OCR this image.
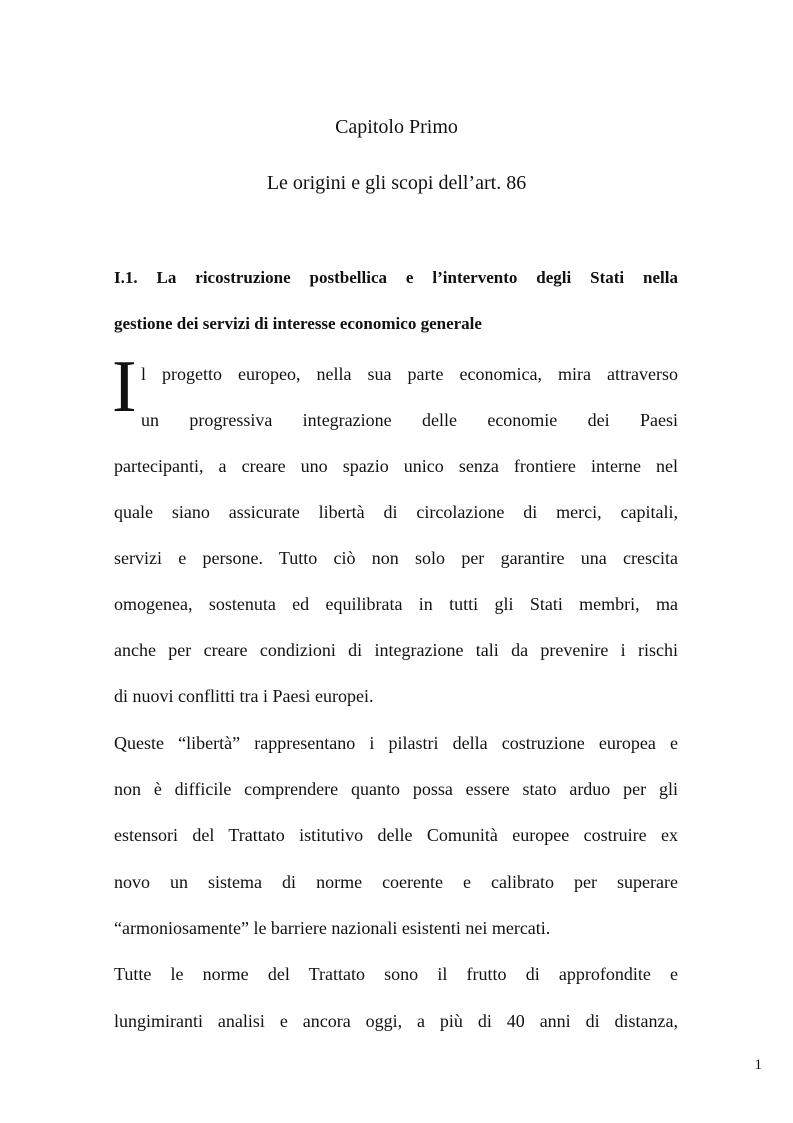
Capitolo Primo
Le origini e gli scopi dell’art. 86
I.1. La ricostruzione postbellica e l’intervento degli Stati nella
gestione dei servizi di interesse economico generale
I l progetto europeo, nella sua parte economica, mira attraverso
un progressiva integrazione delle economie dei Paesi
partecipanti, a creare uno spazio unico senza frontiere interne nel
quale siano assicurate libertà di circolazione di merci, capitali,
servizi e persone. Tutto ciò non solo per garantire una crescita
omogenea, sostenuta ed equilibrata in tutti gli Stati membri, ma
anche per creare condizioni di integrazione tali da prevenire i rischi
di nuovi conflitti tra i Paesi europei.
Queste “libertà” rappresentano i pilastri della costruzione europea e
non è difficile comprendere quanto possa essere stato arduo per gli
estensori del Trattato istitutivo delle Comunità europee costruire ex
novo un sistema di norme coerente e calibrato per superare
“armoniosamente” le barriere nazionali esistenti nei mercati.
Tutte le norme del Trattato sono il frutto di approfondite e
lungimiranti analisi e ancora oggi, a più di 40 anni di distanza,
1
